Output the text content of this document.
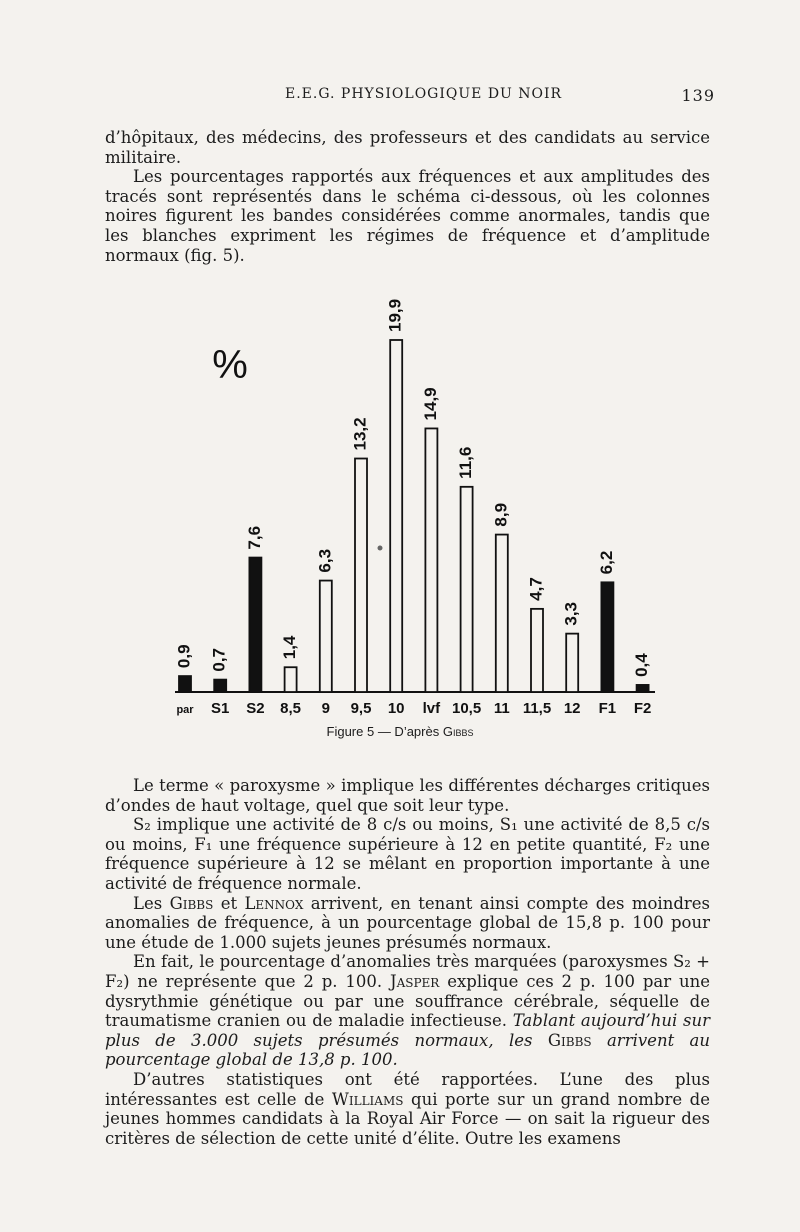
E.E.G. PHYSIOLOGIQUE DU NOIR	139

d’hôpitaux, des médecins, des professeurs et des candidats au service militaire.

Les pourcentages rapportés aux fréquences et aux amplitudes des tracés sont représentés dans le schéma ci-dessous, où les colonnes noires figurent les bandes considérées comme anormales, tandis que les blanches expriment les régimes de fréquence et d’amplitude normaux (fig. 5).

%
0,9
par
0,7
S1
7,6
S2
1,4
8,5
6,3
9
13,2
9,5
19,9
10
14,9
lvf
11,6
10,5
8,9
11
4,7
11,5
3,3
12
6,2
F1
0,4
F2
Figure 5 — D’après Gibbs

Le terme « paroxysme » implique les différentes décharges critiques d’ondes de haut voltage, quel que soit leur type.

S₂ implique une activité de 8 c/s ou moins, S₁ une activité de 8,5 c/s ou moins, F₁ une fréquence supérieure à 12 en petite quantité, F₂ une fréquence supérieure à 12 se mêlant en proportion importante à une activité de fréquence normale.

Les Gibbs et Lennox arrivent, en tenant ainsi compte des moindres anomalies de fréquence, à un pourcentage global de 15,8 p. 100 pour une étude de 1.000 sujets jeunes présumés normaux.

En fait, le pourcentage d’anomalies très marquées (paroxysmes S₂ + F₂) ne représente que 2 p. 100. Jasper explique ces 2 p. 100 par une dysrythmie génétique ou par une souffrance cérébrale, séquelle de traumatisme cranien ou de maladie infectieuse. Tablant aujourd’hui sur plus de 3.000 sujets présumés normaux, les Gibbs arrivent au pourcentage global de 13,8 p. 100.

D’autres statistiques ont été rapportées. L’une des plus intéressantes est celle de Williams qui porte sur un grand nombre de jeunes hommes candidats à la Royal Air Force — on sait la rigueur des critères de sélection de cette unité d’élite. Outre les examens
